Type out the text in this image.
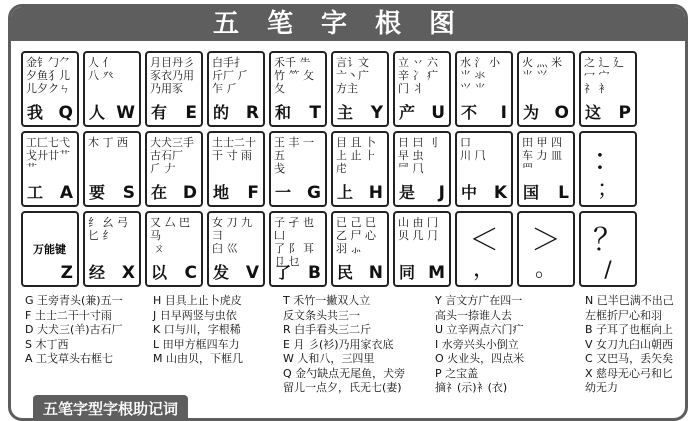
五笔字根图
金钅勹⺈
夕鱼犭儿
儿夕クㄣ
我 Q
人 亻
八 癶
人 W
月目丹彡
豕衣乃用
乃用豕
有 E
白手扌
斤厂 ⺁
乍 ⺁
的 R
禾千 ⺧
竹 ⺮ 攵
夂
和 T
言讠文
亠丶广
方主
主 Y
立 丷 六
辛 冫 疒
门 丬
产 U
水 氵 小
⺌ 氺
⺍ ⺌
不 I
火 灬 米
⺌ ⺍
为 O
之 辶 廴
冖 宀
礻 衤
这 P
工匚七弋
戈廾廿艹
⺾
工 A
木 丁 西
要 S
大犬三手
古石厂
⺁ 𠂇
在 D
土士二十
干 寸 雨
地 F
王 丰 一 五
戋
一 G
目 且 卜
上 止 ⺊
虍
上 H
日 曰 刂
早 虫
⺜ ⺇
是 J
口
川 ⺇
中 K
田 甲 四
车 力 皿
罒
国 L
：
；
万能键
Z
纟 幺 弓
匕 纟
经 X
又 厶 巴 马
ㄡ
以 C
女 刀 九 彐
臼 巛
发 V
子 孑 也 凵
了 阝 耳
卩 乜
了 B
已 己 巳
乙 尸 心
羽 ⺗
民 N
山 由 冂
贝 几 ⺆
同 M
＜
，
＞
。
？
/
G 王旁青头(兼)五一
F 土士二干十寸雨
D 大犬三(羊)古石厂
S 木丁西
A 工戈草头右框七
H 目具上止卜虎皮
J 日早两竖与虫依
K 口与川，字根稀
L 田甲方框四车力
M 山由贝，下框几
T 禾竹一撇双人立
反文条头共三一
R 白手看头三二斤
E 月 彡(衫)乃用家衣底
W 人和八，三四里
Q 金勺缺点无尾鱼，犬旁
留儿一点夕，氏无七(妻)
Y 言文方广在四一
高头一捺谁人去
U 立辛两点六门疒
I 水旁兴头小倒立
O 火业头，四点米
P 之宝盖
摘礻(示)衤(衣)
N 已半巳满不出己
左框折尸心和羽
B 子耳了也框向上
V 女刀九臼山朝西
C 又巴马，丢矢矣
X 慈母无心弓和匕
幼无力
五笔字型字根助记词
